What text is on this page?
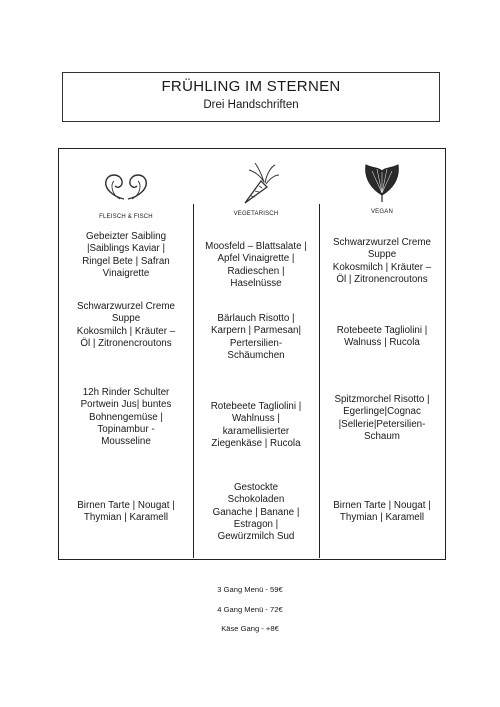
FRÜHLING IM STERNEN
Drei Handschriften
FLEISCH & FISCH
Gebeizter Saibling
|Saiblings Kaviar |
Ringel Bete | Safran
Vinaigrette
Schwarzwurzel Creme
Suppe
Kokosmilch | Kräuter –
Öl | Zitronencroutons
12h Rinder Schulter
Portwein Jus| buntes
Bohnengemüse |
Topinambur -
Mousseline
Birnen Tarte | Nougat |
Thymian | Karamell
VEGETARISCH
Moosfeld – Blattsalate |
Apfel Vinaigrette |
Radieschen |
Haselnüsse
Bärlauch Risotto |
Karpern | Parmesan|
Pertersilien-
Schäumchen
Rotebeete Tagliolini |
Wahlnuss |
karamellisierter
Ziegenkäse | Rucola
Gestockte
Schokoladen
Ganache | Banane |
Estragon |
Gewürzmilch Sud
VEGAN
Schwarzwurzel Creme
Suppe
Kokosmilch | Kräuter –
Öl | Zitronencroutons
Rotebeete Tagliolini |
Walnuss | Rucola
Spitzmorchel Risotto |
Egerlinge|Cognac
|Sellerie|Petersilien-
Schaum
Birnen Tarte | Nougat |
Thymian | Karamell
3 Gang Menü - 59€
4 Gang Menü - 72€
Käse Gang - +8€
